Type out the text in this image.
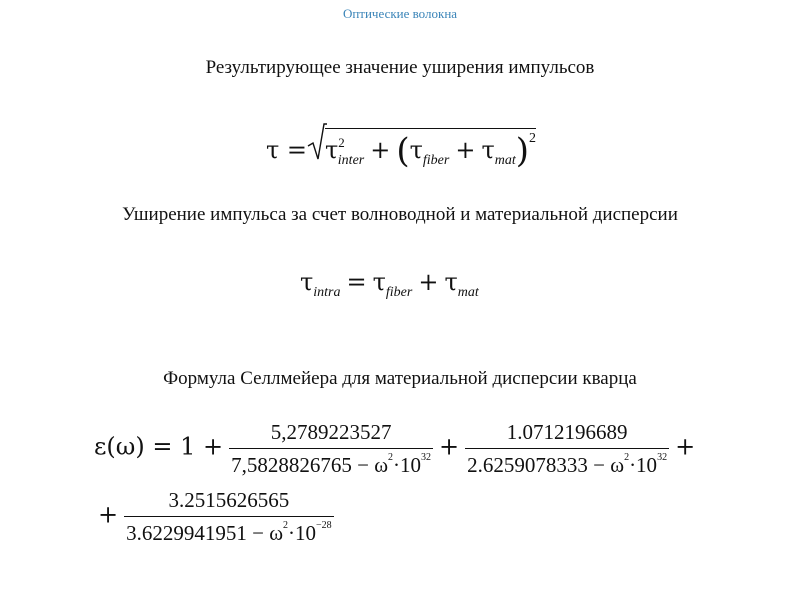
Оптические волокна
Результирующее значение уширения импульсов
$\tau = \tau^2_{inter} + (\tau_{fiber} + \tau_{mat})^2$
Уширение импульса за счет волноводной и материальной дисперсии
$\tau_{intra} = \tau_{fiber} + \tau_{mat}$
Формула Селлмейера для материальной дисперсии кварца
$\varepsilon(\omega) = 1 + \frac{5,2789223527}{7,5828826765 - \omega^2\cdot 10^{32}} + \frac{1.0712196689}{2.6259078333 - \omega^2\cdot 10^{32}}$ +
+ $\frac{3.2515626565}{3.6229941951 - \omega^2\cdot 10^{-28}}$
